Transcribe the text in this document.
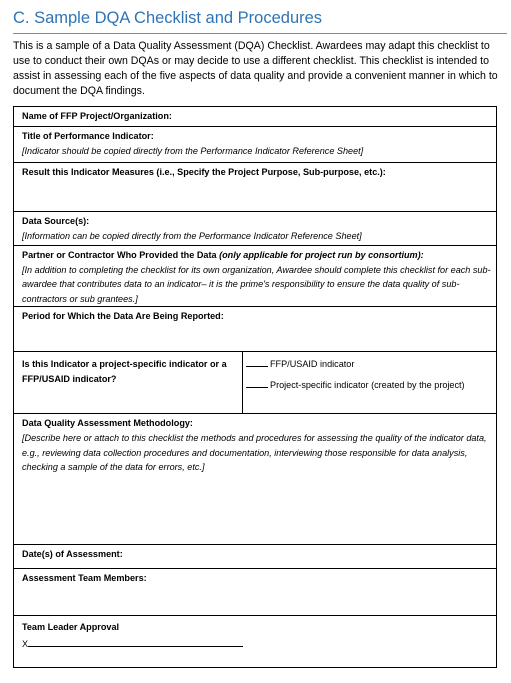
C. Sample DQA Checklist and Procedures
This is a sample of a Data Quality Assessment (DQA) Checklist. Awardees may adapt this checklist to use to conduct their own DQAs or may decide to use a different checklist. This checklist is intended to assist in assessing each of the five aspects of data quality and provide a convenient manner in which to document the DQA findings.
Name of FFP Project/Organization:
Title of Performance Indicator:
[Indicator should be copied directly from the Performance Indicator Reference Sheet]
Result this Indicator Measures (i.e., Specify the Project Purpose, Sub-purpose, etc.):
Data Source(s):
[Information can be copied directly from the Performance Indicator Reference Sheet]
Partner or Contractor Who Provided the Data (only applicable for project run by consortium):
[In addition to completing the checklist for its own organization, Awardee should complete this checklist for each sub-awardee that contributes data to an indicator– it is the prime's responsibility to ensure the data quality of sub-contractors or sub grantees.]
Period for Which the Data Are Being Reported:
Is this Indicator a project-specific indicator or a FFP/USAID indicator?	
FFP/USAID indicator
Project-specific indicator (created by the project)

Data Quality Assessment Methodology:
[Describe here or attach to this checklist the methods and procedures for assessing the quality of the indicator data, e.g., reviewing data collection procedures and documentation, interviewing those responsible for data analysis, checking a sample of the data for errors, etc.]
Date(s) of Assessment:
Assessment Team Members:
Team Leader Approval
X
